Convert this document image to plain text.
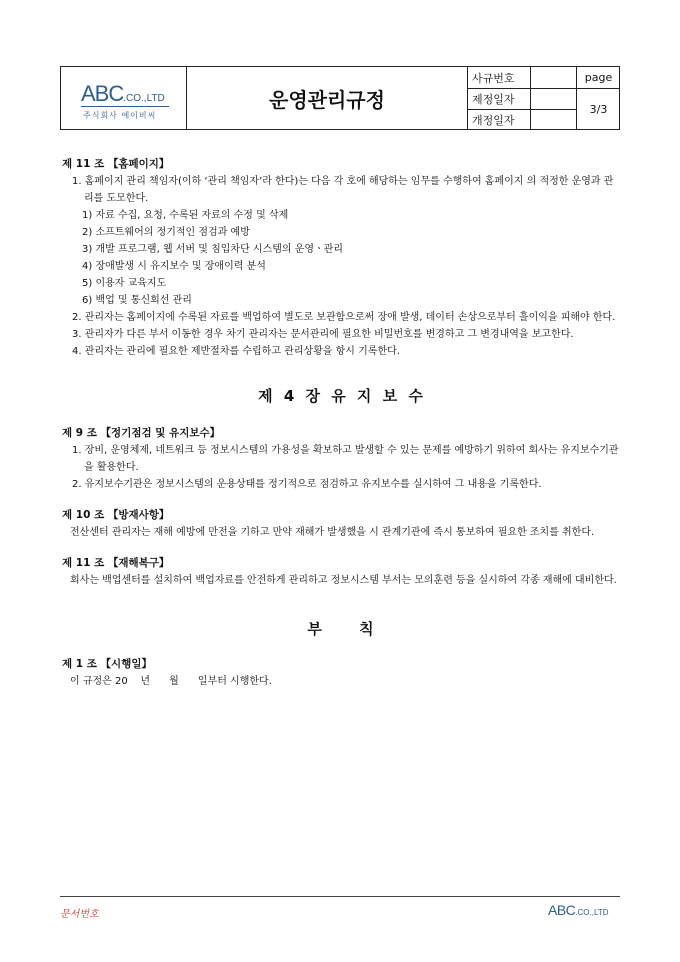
ABC.CO.,LTD
주식회사 에이비씨
운영관리규정
사규번호	page
제정일자
3/3
개정일자
제 11 조 【홈페이지】
1. 홈페이지 관리 책임자(이하 ‘관리 책임자’라 한다)는 다음 각 호에 해당하는 임무를 수행하여 홈페이지 의 적정한 운영과 관리를 도모한다.
1) 자료 수집, 요청, 수록된 자료의 수정 및 삭제
2) 소프트웨어의 정기적인 점검과 예방
3) 개발 프로그램, 웹 서버 및 침입차단 시스템의 운영ㆍ관리
4) 장애발생 시 유지보수 및 장애이력 분석
5) 이용자 교육지도
6) 백업 및 통신회선 관리
2. 관리자는 홈페이지에 수록된 자료를 백업하여 별도로 보관함으로써 장애 발생, 데이터 손상으로부터 흘이익을 피해야 한다.
3. 관리자가 다른 부서 이동한 경우 차기 관리자는 문서관리에 필요한 비밀번호를 변경하고 그 변경내역을 보고한다.
4. 관리자는 관리에 필요한 제반절차를 수립하고 관리상황을 항시 기록한다.
제 4 장 유 지 보 수
제 9 조 【정기점검 및 유지보수】
1. 장비, 운영체제, 네트워크 등 정보시스템의 가용성을 확보하고 발생할 수 있는 문제를 예방하기 위하여 회사는 유지보수기관을 활용한다.
2. 유지보수기관은 정보시스템의 운용상태를 정기적으로 점검하고 유지보수를 실시하여 그 내용을 기록한다.
제 10 조 【방재사항】
전산센터 관리자는 재해 예방에 만전을 기하고 만약 재해가 발생했을 시 관계기관에 즉시 통보하여 필요한 조치를 취한다.
제 11 조 【재해복구】
회사는 백업센터를 설치하여 백업자료를 안전하게 관리하고 정보시스템 부서는 모의훈련 등을 실시하여 각종 재해에 대비한다.
부 칙
제 1 조 【시행일】
이 규정은 20    년      월      일부터 시행한다.
문서번호	ABC.CO.,LTD
